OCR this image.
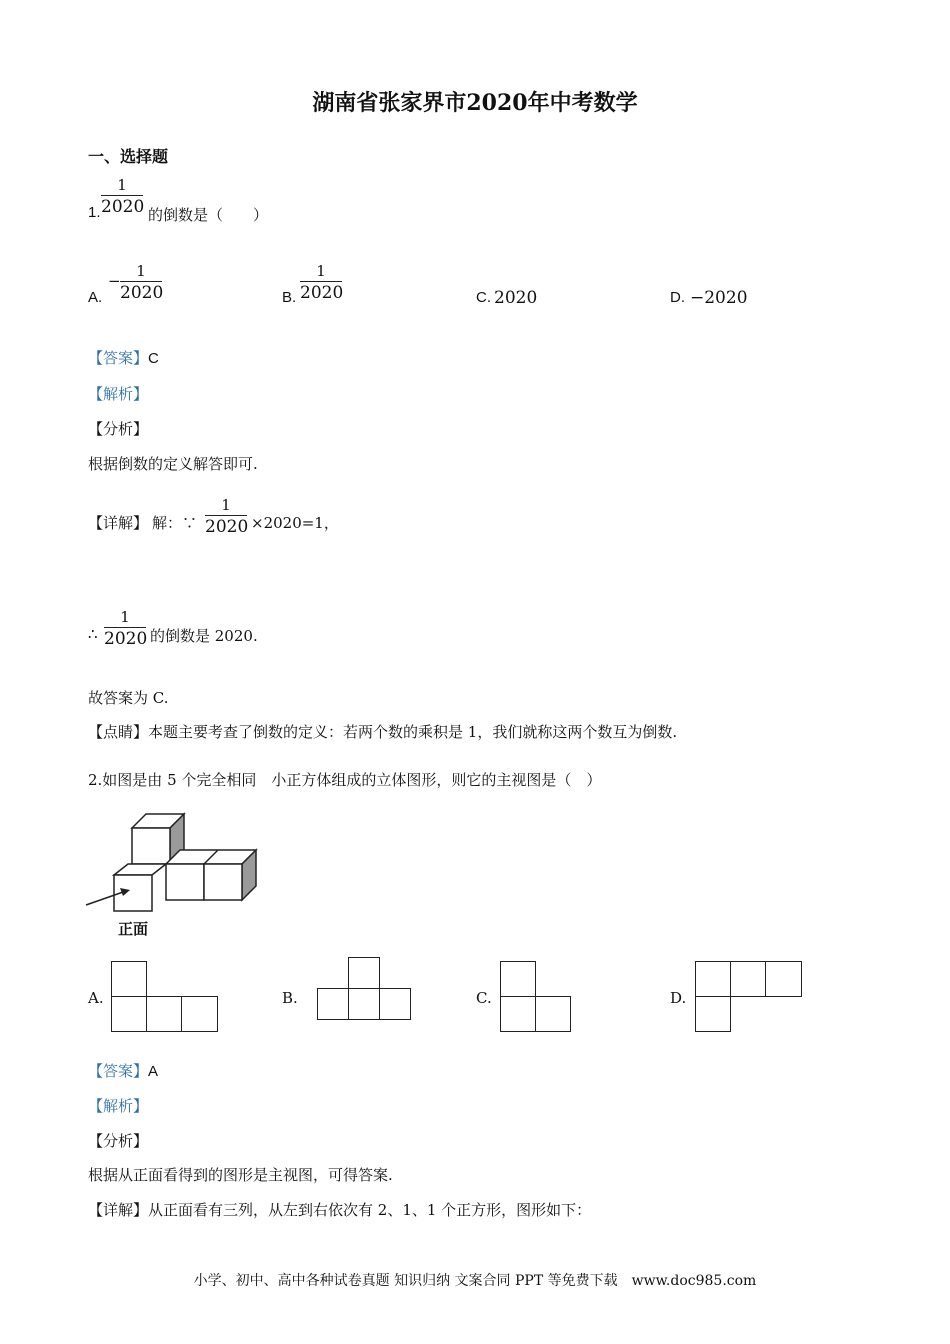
湖南省张家界市2020年中考数学
一、选择题
1.
1
2020 的倒数是（　　）
A.
−
1
2020	B.
1
2020	C. 2020	D. −2020
【答案】C
【解析】
【分析】
根据倒数的定义解答即可.
【详解】 解：∵
1
2020 ×2020=1，
∴
1
2020 的倒数是 2020.
故答案为 C.
【点睛】本题主要考查了倒数的定义：若两个数的乘积是 1，我们就称这两个数互为倒数.
2.如图是由 5 个完全相同　小正方体组成的立体图形，则它的主视图是（　）
正面
A.	B.	C.	D.
【答案】A
【解析】
【分析】
根据从正面看得到的图形是主视图，可得答案.
【详解】从正面看有三列，从左到右依次有 2、1、1 个正方形，图形如下：
小学、初中、高中各种试卷真题 知识归纳 文案合同 PPT 等免费下载　www.doc985.com
